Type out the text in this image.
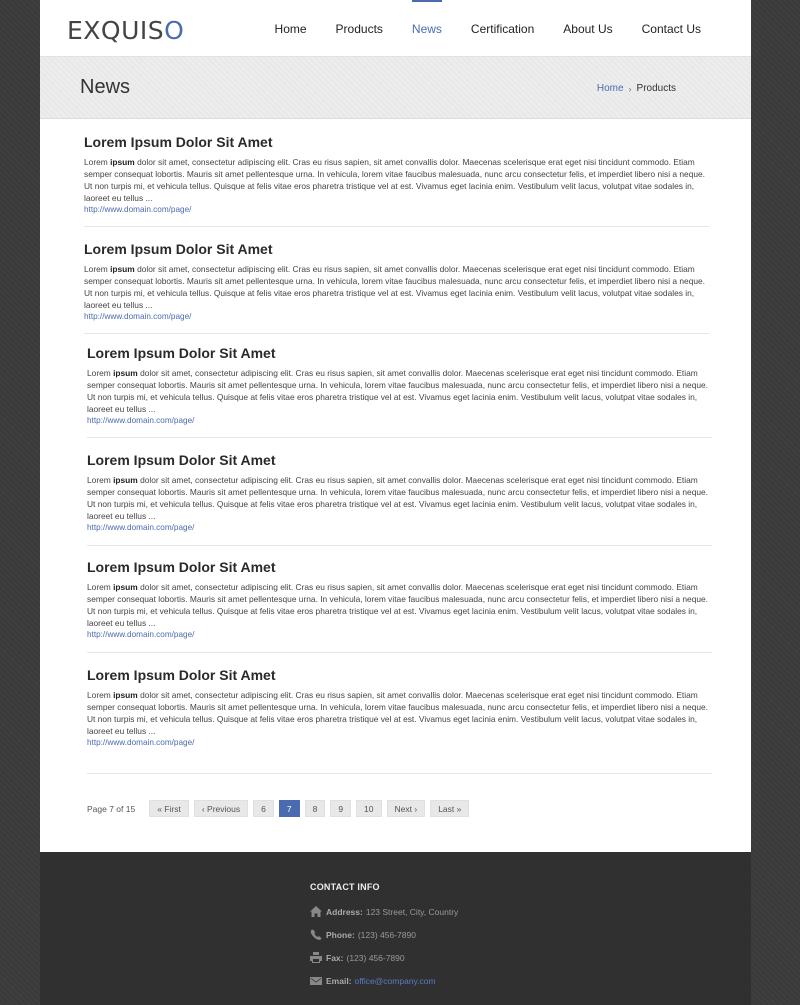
EXQUISO	Home Products News Certification About Us Contact Us
News	Home › Products
Lorem Ipsum Dolor Sit Amet
Lorem ipsum dolor sit amet, consectetur adipiscing elit. Cras eu risus sapien, sit amet convallis dolor. Maecenas scelerisque erat eget nisi tincidunt commodo. Etiam semper consequat lobortis. Mauris sit amet pellentesque urna. In vehicula, lorem vitae faucibus malesuada, nunc arcu consectetur felis, et imperdiet libero nisi a neque. Ut non turpis mi, et vehicula tellus. Quisque at felis vitae eros pharetra tristique vel at est. Vivamus eget lacinia enim. Vestibulum velit lacus, volutpat vitae sodales in, laoreet eu tellus ...
http://www.domain.com/page/
Lorem Ipsum Dolor Sit Amet
Lorem ipsum dolor sit amet, consectetur adipiscing elit. Cras eu risus sapien, sit amet convallis dolor. Maecenas scelerisque erat eget nisi tincidunt commodo. Etiam semper consequat lobortis. Mauris sit amet pellentesque urna. In vehicula, lorem vitae faucibus malesuada, nunc arcu consectetur felis, et imperdiet libero nisi a neque. Ut non turpis mi, et vehicula tellus. Quisque at felis vitae eros pharetra tristique vel at est. Vivamus eget lacinia enim. Vestibulum velit lacus, volutpat vitae sodales in, laoreet eu tellus ...
http://www.domain.com/page/
Lorem Ipsum Dolor Sit Amet
Lorem ipsum dolor sit amet, consectetur adipiscing elit. Cras eu risus sapien, sit amet convallis dolor. Maecenas scelerisque erat eget nisi tincidunt commodo. Etiam semper consequat lobortis. Mauris sit amet pellentesque urna. In vehicula, lorem vitae faucibus malesuada, nunc arcu consectetur felis, et imperdiet libero nisi a neque. Ut non turpis mi, et vehicula tellus. Quisque at felis vitae eros pharetra tristique vel at est. Vivamus eget lacinia enim. Vestibulum velit lacus, volutpat vitae sodales in, laoreet eu tellus ...
http://www.domain.com/page/
Lorem Ipsum Dolor Sit Amet
Lorem ipsum dolor sit amet, consectetur adipiscing elit. Cras eu risus sapien, sit amet convallis dolor. Maecenas scelerisque erat eget nisi tincidunt commodo. Etiam semper consequat lobortis. Mauris sit amet pellentesque urna. In vehicula, lorem vitae faucibus malesuada, nunc arcu consectetur felis, et imperdiet libero nisi a neque. Ut non turpis mi, et vehicula tellus. Quisque at felis vitae eros pharetra tristique vel at est. Vivamus eget lacinia enim. Vestibulum velit lacus, volutpat vitae sodales in, laoreet eu tellus ...
http://www.domain.com/page/
Lorem Ipsum Dolor Sit Amet
Lorem ipsum dolor sit amet, consectetur adipiscing elit. Cras eu risus sapien, sit amet convallis dolor. Maecenas scelerisque erat eget nisi tincidunt commodo. Etiam semper consequat lobortis. Mauris sit amet pellentesque urna. In vehicula, lorem vitae faucibus malesuada, nunc arcu consectetur felis, et imperdiet libero nisi a neque. Ut non turpis mi, et vehicula tellus. Quisque at felis vitae eros pharetra tristique vel at est. Vivamus eget lacinia enim. Vestibulum velit lacus, volutpat vitae sodales in, laoreet eu tellus ...
http://www.domain.com/page/
Lorem Ipsum Dolor Sit Amet
Lorem ipsum dolor sit amet, consectetur adipiscing elit. Cras eu risus sapien, sit amet convallis dolor. Maecenas scelerisque erat eget nisi tincidunt commodo. Etiam semper consequat lobortis. Mauris sit amet pellentesque urna. In vehicula, lorem vitae faucibus malesuada, nunc arcu consectetur felis, et imperdiet libero nisi a neque. Ut non turpis mi, et vehicula tellus. Quisque at felis vitae eros pharetra tristique vel at est. Vivamus eget lacinia enim. Vestibulum velit lacus, volutpat vitae sodales in, laoreet eu tellus ...
http://www.domain.com/page/
Page 7 of 15	« First	‹ Previous	6	7	8	9	10	Next ›	Last »
CONTACT INFO
Address: 123 Street, City, Country
Phone: (123) 456-7890
Fax: (123) 456-7890
Email: office@company.com
